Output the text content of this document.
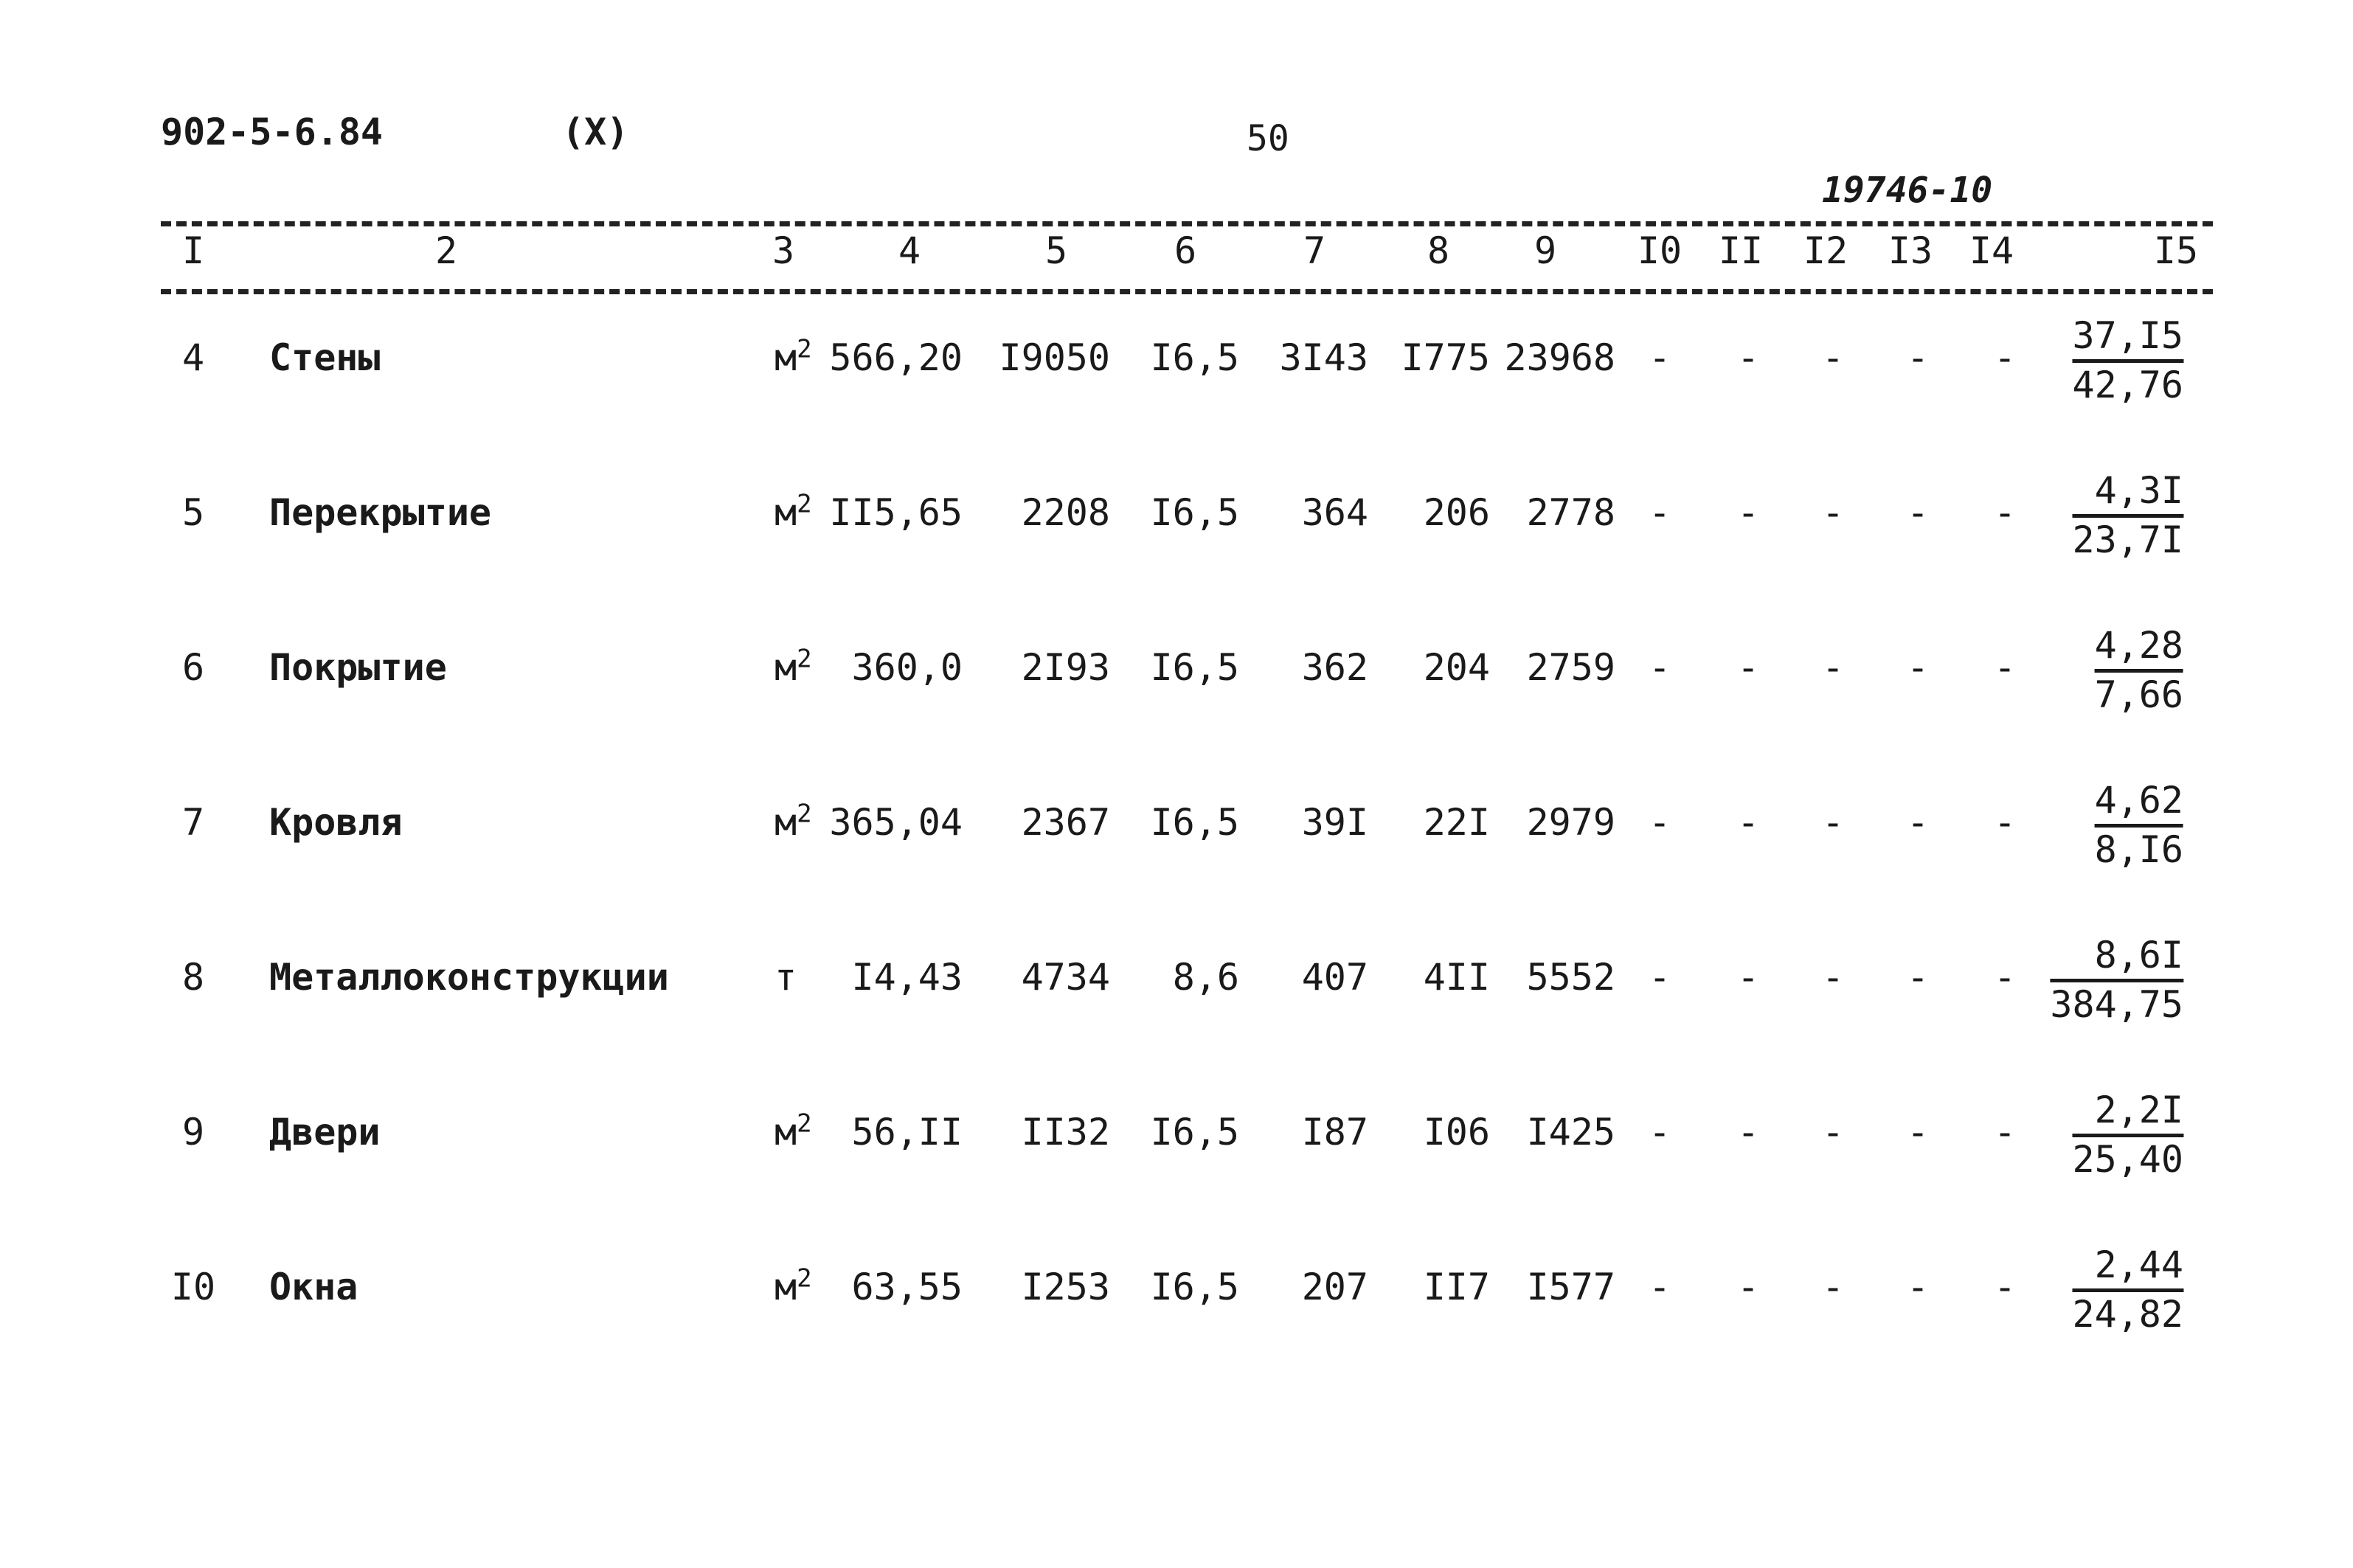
902-5-6.84	(X)	50
19746-10
I	2	3	4	5	6	7	8 9 I0 II I2 I3 I4	I5
4 Стены	$м^2$ 566,20 I9050 I6,5 3I43 I775 23968 - - - - - $\frac{37,I5}{42,76}$
5 Перекрытие	$м^2$ II5,65 2208 I6,5 364 206 2778 - - - - - $\frac{4,3I}{23,7I}$
6 Покрытие	$м^2$ 360,0 2I93 I6,5 362 204 2759 - - - - - $\frac{4,28}{7,66}$
7 Кровля	$м^2$ 365,04 2367 I6,5 39I 22I 2979 - - - - - $\frac{4,62}{8,I6}$
8 Металлоконструкции	т I4,43 4734 8,6 407 4II 5552 - - - - - $\frac{8,6I}{384,75}$
9 Двери	$м^2$ 56,II II32 I6,5 I87 I06 I425 - - - - - $\frac{2,2I}{25,40}$
I0 Окна	$м^2$ 63,55 I253 I6,5 207 II7 I577 - - - - - $\frac{2,44}{24,82}$
